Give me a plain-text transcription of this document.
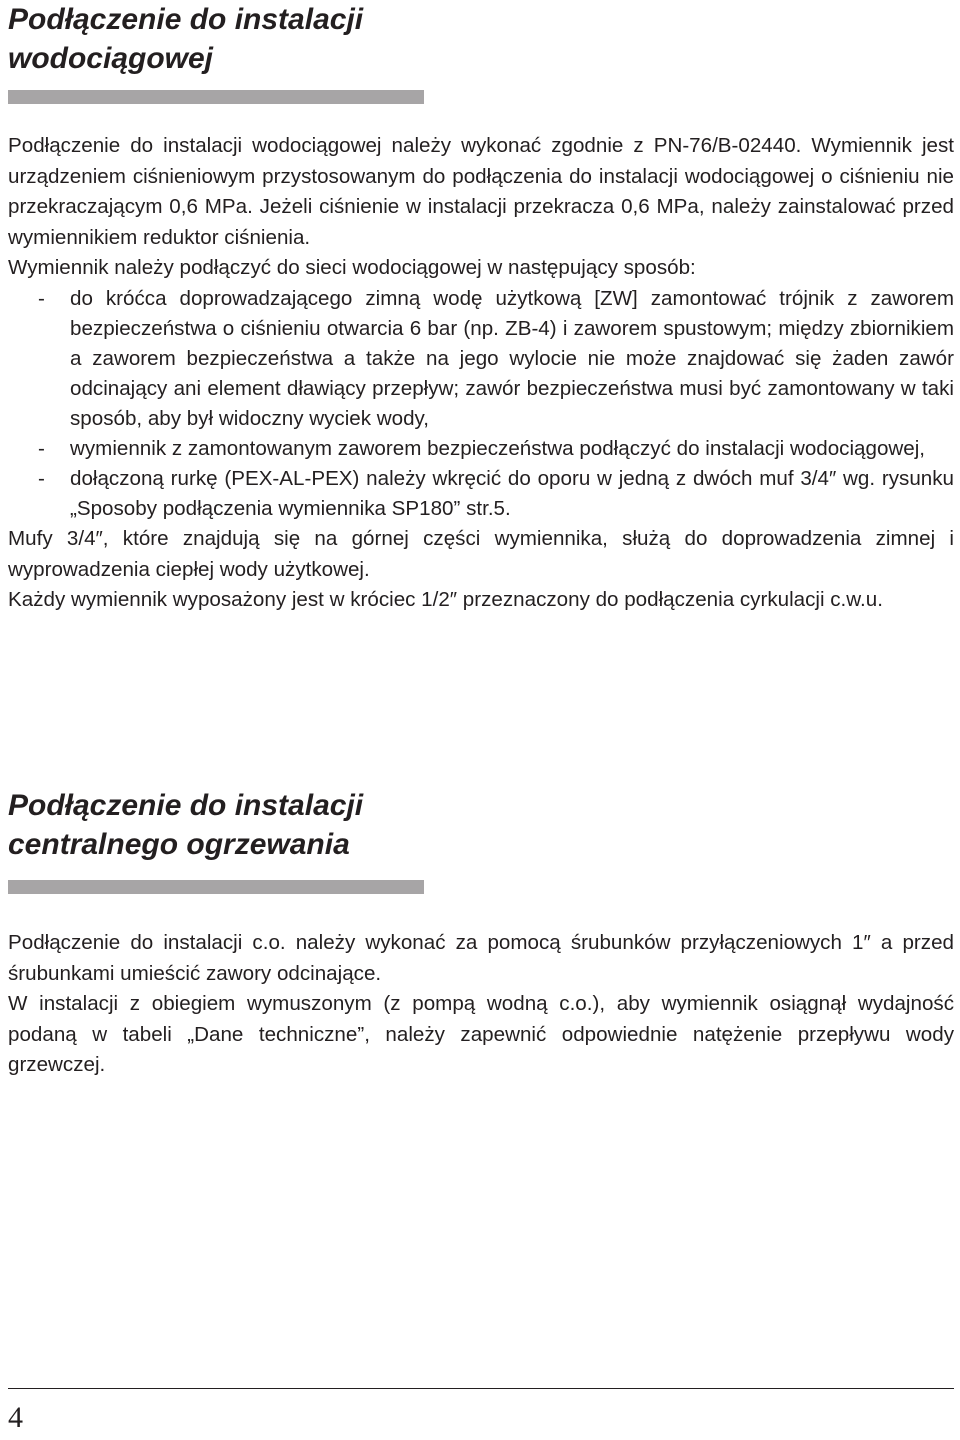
Podłączenie do instalacji
wodociągowej

Podłączenie do instalacji wodociągowej należy wykonać zgodnie z PN-76/B-02440. Wymiennik jest urządzeniem ciśnieniowym przystosowanym do podłączenia do instalacji wodociągowej o ciśnieniu nie przekraczającym 0,6 MPa. Jeżeli ciśnienie w instalacji przekracza 0,6 MPa, należy zainstalować przed wymiennikiem reduktor ciśnienia.

Wymiennik należy podłączyć do sieci wodociągowej w następujący sposób:

- do króćca doprowadzającego zimną wodę użytkową [ZW] zamontować trójnik z zaworem bezpieczeństwa o ciśnieniu otwarcia 6 bar (np. ZB-4) i zaworem spustowym; między zbiornikiem a zaworem bezpieczeństwa a także na jego wylocie nie może znajdować się żaden zawór odcinający ani element dławiący przepływ; zawór bezpieczeństwa musi być zamontowany w taki sposób, aby był widoczny wyciek wody,
- wymiennik z zamontowanym zaworem bezpieczeństwa podłączyć do instalacji wodociągowej,
- dołączoną rurkę (PEX-AL-PEX) należy wkręcić do oporu w jedną z dwóch muf 3/4″ wg. rysunku „Sposoby podłączenia wymiennika SP180” str.5.

Mufy 3/4″, które znajdują się na górnej części wymiennika, służą do doprowadzenia zimnej i wyprowadzenia ciepłej wody użytkowej.

Każdy wymiennik wyposażony jest w króciec 1/2″ przeznaczony do podłączenia cyrkulacji c.w.u.

Podłączenie do instalacji
centralnego ogrzewania

Podłączenie do instalacji c.o. należy wykonać za pomocą śrubunków przyłączeniowych 1″ a przed śrubunkami umieścić zawory odcinające.

W instalacji z obiegiem wymuszonym (z pompą wodną c.o.), aby wymiennik osiągnął wydajność podaną w tabeli „Dane techniczne”, należy zapewnić odpowiednie natężenie przepływu wody grzewczej.

4
